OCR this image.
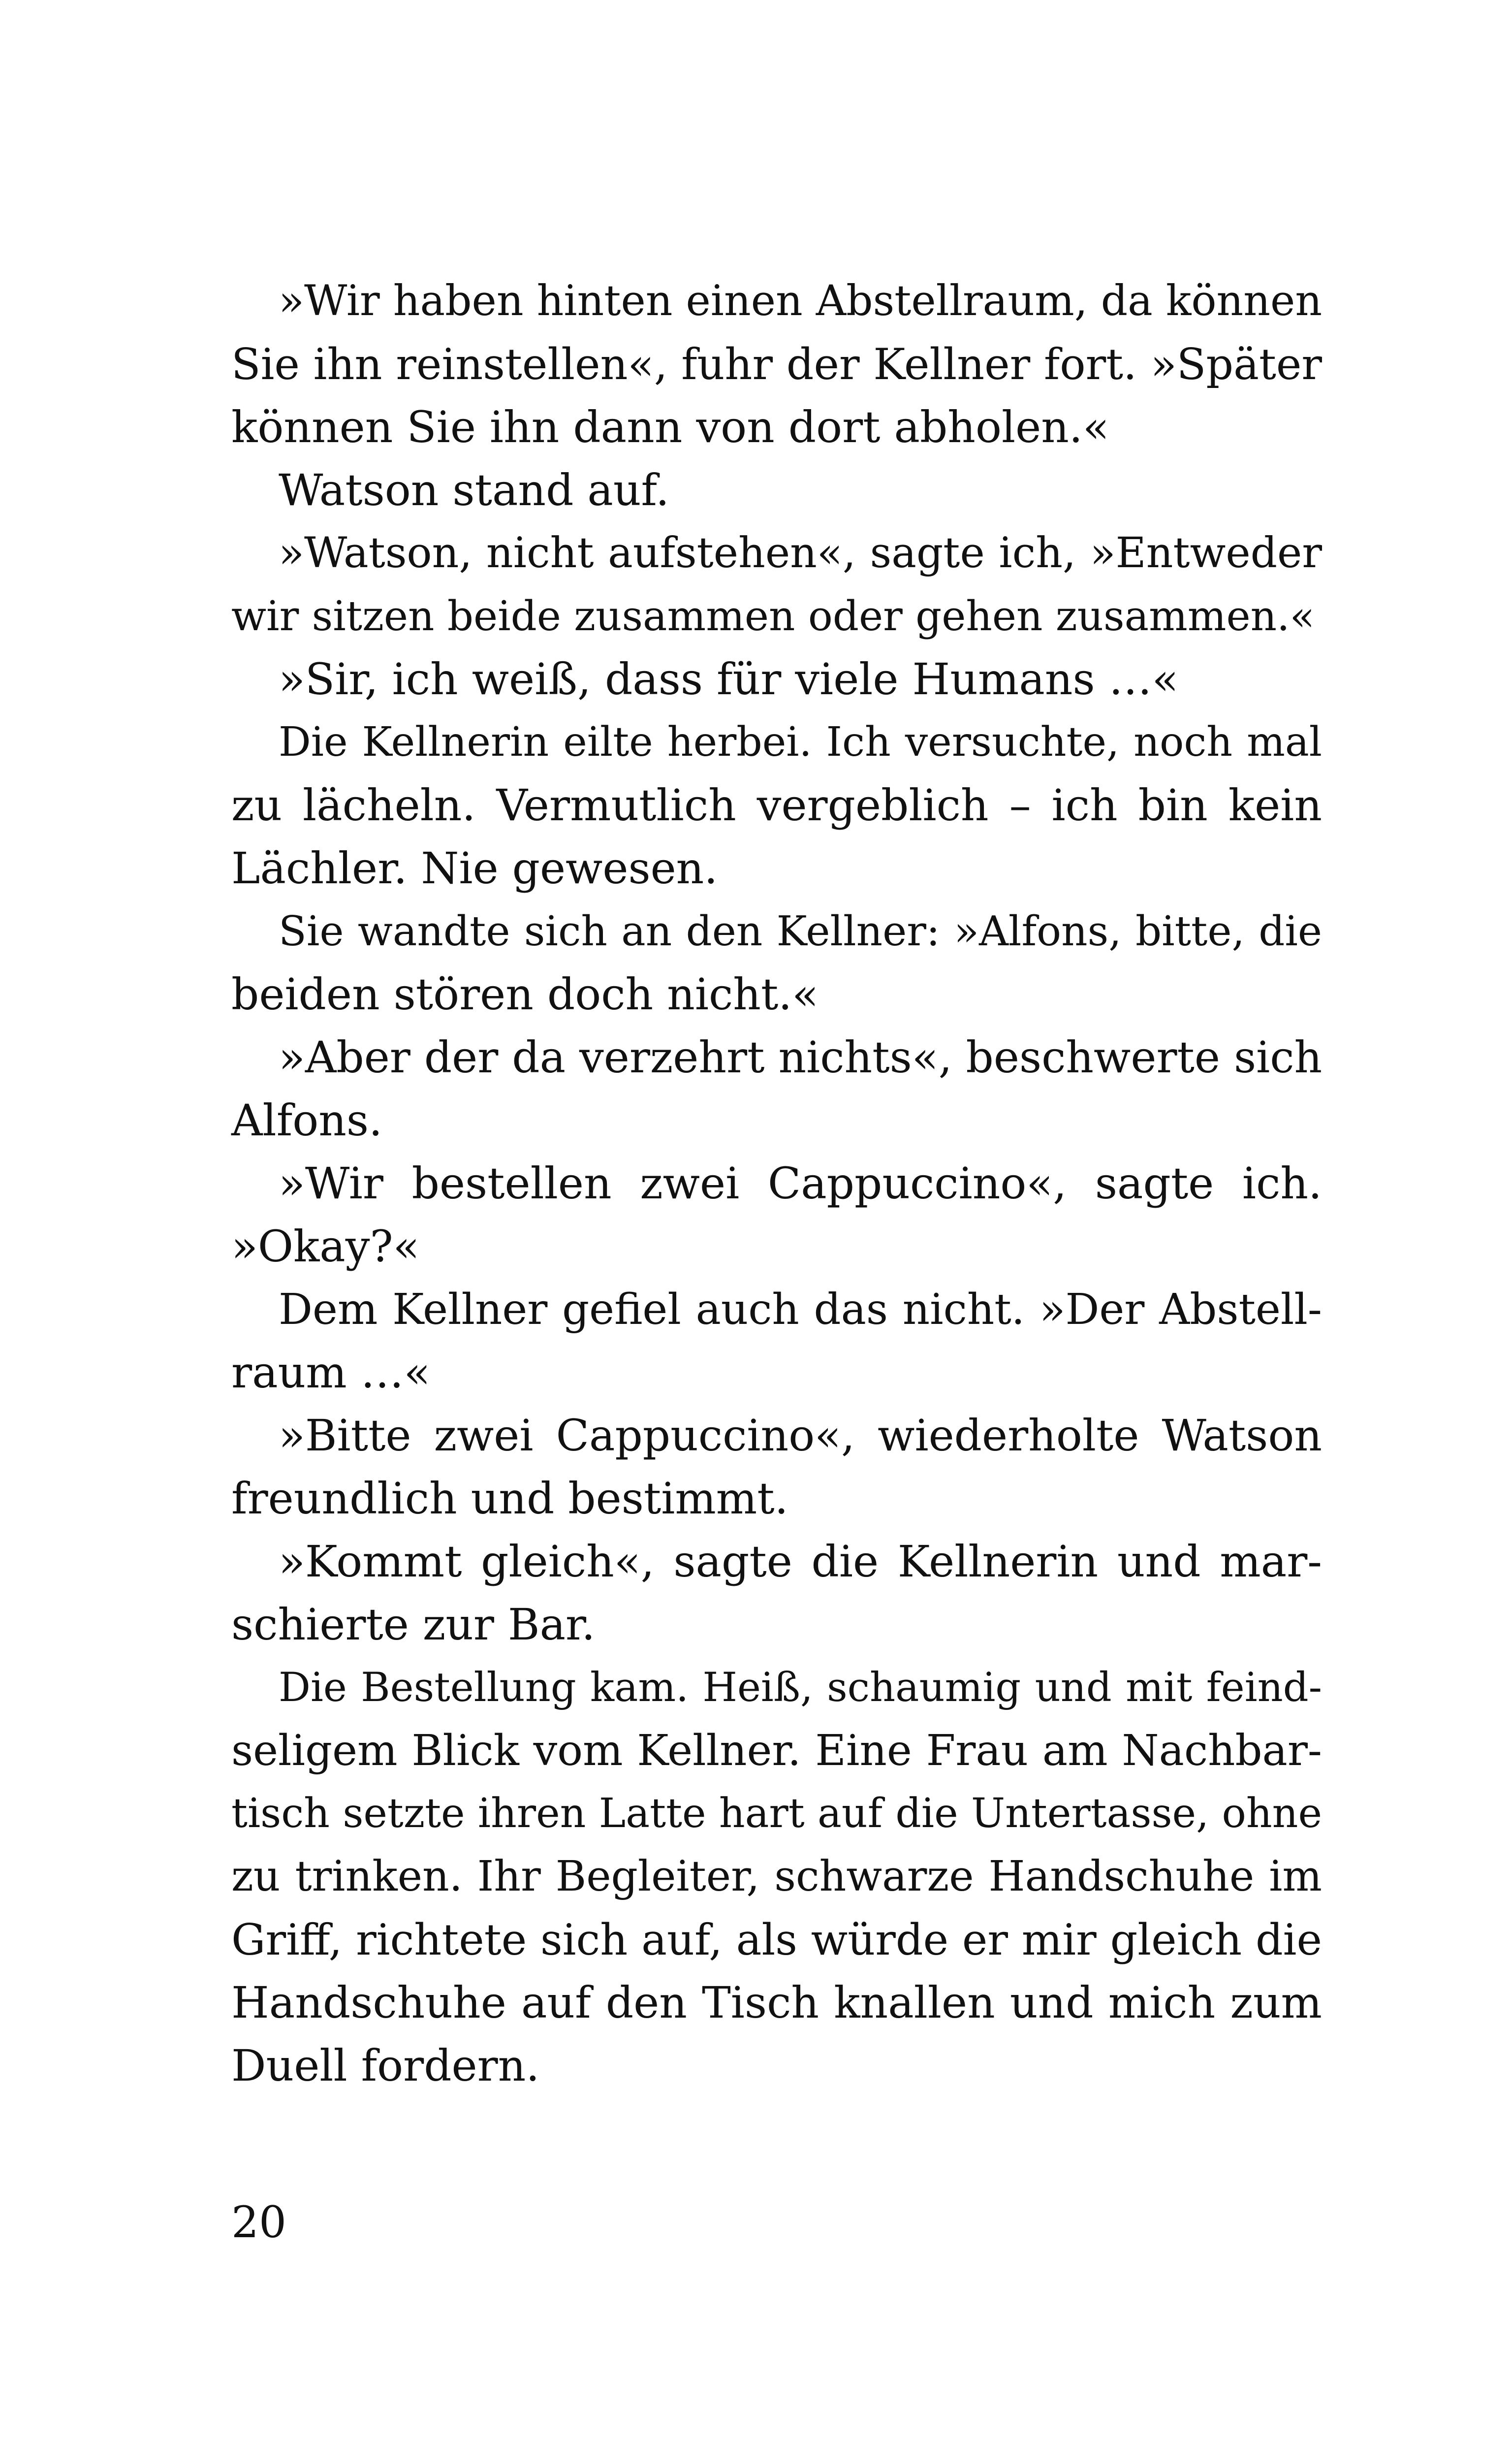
»Wir haben hinten einen Abstellraum, da können
Sie ihn reinstellen«, fuhr der Kellner fort. »Später
können Sie ihn dann von dort abholen.«
Watson stand auf.
»Watson, nicht aufstehen«, sagte ich, »Entweder
wir sitzen beide zusammen oder gehen zusammen.«
»Sir, ich weiß, dass für viele Humans …«
Die Kellnerin eilte herbei. Ich versuchte, noch mal
zu lächeln. Vermutlich vergeblich – ich bin kein
Lächler. Nie gewesen.
Sie wandte sich an den Kellner: »Alfons, bitte, die
beiden stören doch nicht.«
»Aber der da verzehrt nichts«, beschwerte sich
Alfons.
»Wir bestellen zwei Cappuccino«, sagte ich.
»Okay?«
Dem Kellner gefiel auch das nicht. »Der Abstell-
raum …«
»Bitte zwei Cappuccino«, wiederholte Watson
freundlich und bestimmt.
»Kommt gleich«, sagte die Kellnerin und mar-
schierte zur Bar.
Die Bestellung kam. Heiß, schaumig und mit feind-
seligem Blick vom Kellner. Eine Frau am Nachbar-
tisch setzte ihren Latte hart auf die Untertasse, ohne
zu trinken. Ihr Begleiter, schwarze Handschuhe im
Griff, richtete sich auf, als würde er mir gleich die
Handschuhe auf den Tisch knallen und mich zum
Duell fordern.
20
